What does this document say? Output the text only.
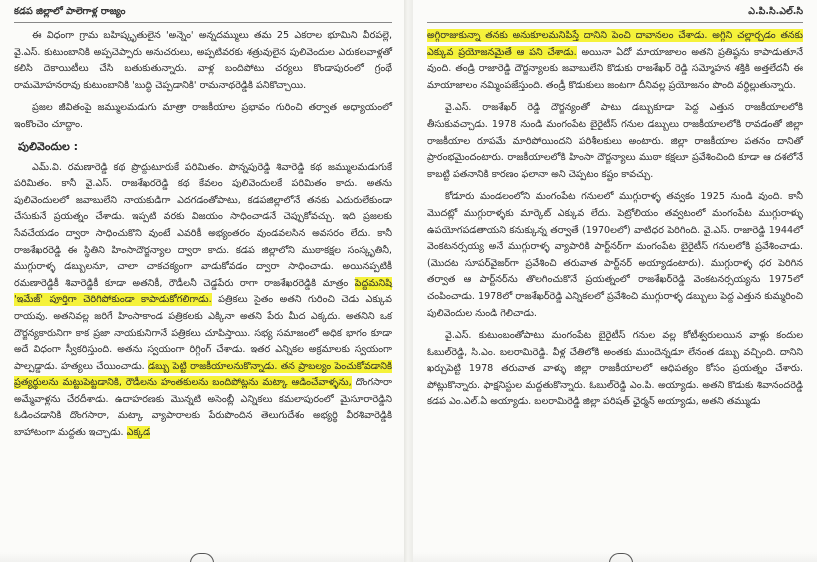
కడప జిల్లాలో పాలెగాళ్ల రాజ్యం

ఈ విధంగా గ్రామ బహిష్కృతులైన 'అన్నెం' అన్నదమ్ములు తమ 25 ఎకరాల భూమిని వీరపల్లె, వై.ఎస్. కుటుంబానికి అప్పచెప్పారు అనుచరులు, అప్పటివరకు శత్రువులైన పులివెందుల ఎరుకలవాళ్లతో కలిసి దెకాయిటీలు చేసి బతుకుతున్నారు. వాళ్ల బందిపోటు చర్యలు కొండాపురంలో గ్రంథే రామమోహనరావు కుటుంబానికి 'బుద్ధి చెప్పడానికి' రామనాథరెడ్డికి పనికొచ్చాయి.

ప్రజల జీవితంపై జమ్ములమడుగు మాత్రా రాజకీయాల ప్రభావం గురించి తర్వాత అధ్యాయంలో ఇంకొంచెం చూద్దాం.

పులివెందుల :

ఎమ్.వి. రమణారెడ్డి కథ ప్రొద్దుటూరుకే పరిమితం. పొన్నపురెడ్డి శివారెడ్డి కథ జమ్ములమడుగుకే పరిమితం. కానీ వై.ఎస్. రాజశేఖరరెడ్డి కథ కేవలం పులివెందులకే పరిమితం కాదు. అతను పులివెందులలో జవాబులేని నాయకుడిగా ఎదగడంతోపాటు, కడపజిల్లాలోనే తనకు ఎదురులేకుండా చేసుకునే ప్రయత్నం చేశాడు. ఇప్పటి వరకు విజయం సాధించాడనే చెప్పుకోవచ్చు. ఇది ప్రజలకు సేవచేయడం ద్వారా సాధించుకొని వుంటే ఎవరికీ అభ్యంతరం వుండవలసిన అవసరం లేదు. కానీ రాజశేఖరరెడ్డి ఈ స్థితిని హింసాదౌర్జన్యాల ద్వారా కాదు. కడప జిల్లాలోని ముఠాకక్షల సంస్కృతినీ, ముగ్గురాళ్ళ డబ్బులనూ, చాలా చాకచక్యంగా వాడుకోవడం ద్వారా సాధించాడు. అయినప్పటికీ రమణారెడ్డికీ శివారెడ్డికీ కూడా అతనికీ, రౌడీలనీ చెడ్డపేరు రాగా రాజశేఖరరెడ్డికి మాత్రం పెద్దమనిషి 'ఇమేజ్' పూర్తిగా చెరిగిపోకుండా కాపాడుకోగలిగాడు. పత్రికలు సైతం అతని గురించి చెడు ఎక్కువ రాయవు. అతనివల్ల జరిగే హింసాకాండ పత్రికలకు ఎక్కినా అతని పేరు మీద ఎక్కదు. అతనిని ఒక దౌర్జన్యకారునిగా కాక ప్రజా నాయకునిగానే పత్రికలు చూపిస్తాయి. సభ్య సమాజంలో అధిక భాగం కూడా అదే విధంగా స్వీకరిస్తుంది. అతను స్వయంగా రిగ్గింగ్ చేశాడు. ఇతర ఎన్నికల అక్రమాలకు స్వయంగా పాల్పడ్డాడు. హత్యలు చేయించాడు. డబ్బు పెట్టి రాజకీయాలనుకొన్నాడు. తన ప్రాబల్యం పెంచుకోవడానికి ప్రత్యర్థులను మట్టుపెట్టడానికి, రౌడీలను హంతకులను బందిపోట్లను మట్కా ఆడించేవాళ్ళను, దొంగసారా అమ్మేవాళ్లను చేరదీశాడు. ఉదాహరణకు మొన్నటి అసెంబ్లీ ఎన్నికలు కమలాపురంలో మైసూరారెడ్డిని ఓడించడానికి దొంగసారా, మట్కా వ్యాపారాలకు పేరుపొందిన తెలుగుదేశం అభ్యర్థి వీరశివారెడ్డికి బాహాటంగా మద్దతు ఇచ్చాడు. ఎక్కడ

ఎ.పి.సి.ఎల్.సి

అగ్గిరాజుకున్నా తనకు అనుకూలమనిపిస్తే దానిని పెంచి దావానలం చేశాడు. అగ్గిని చల్లార్చడం తనకు ఎక్కువ ప్రయోజనమైతే ఆ పని చేశాడు. అయినా ఏదో మాయాజాలం అతని ప్రతిష్ఠను కాపాడుతూనే వుంది. తండ్రి రాజారెడ్డి దౌర్జన్యాలకు జవాబులేని కొడుకు రాజశేఖర్ రెడ్డి సమ్మోహన శక్తికి అత్తలేదనీ ఈ మాయాజాలం నమ్మింపజేస్తుంది. తండ్రీ కొడుకులు జంటగా దీనివల్ల ప్రయోజనం పొంది వర్ధిల్లుతున్నారు.

వై.ఎస్. రాజశేఖర్ రెడ్డి దౌర్జన్యంతో పాటు డబ్బుకూడా పెద్ద ఎత్తున రాజకీయాలలోకి తీసుకువచ్చాడు. 1978 నుండి మంగంపేట బైరైటీస్ గనుల డబ్బులు రాజకీయాలలోకి రావడంతో జిల్లా రాజకీయాల రూపమే మారిపోయిందని పరిశీలకులు అంటారు. జిల్లా రాజకీయాల పతనం దానితో ప్రారంభమైందంటారు. రాజకీయాలలోకి హింసా దౌర్జన్యాలు ముఠా కక్షలూ ప్రవేశించింది కూడా ఆ దశలోనే కాబట్టి పతనానికి కారణం ఫలానా అని చెప్పటం కష్టం కావచ్చు.

కోడూరు మండలంలోని మంగంపేట గనులలో ముగ్గురాళ్ళ తవ్వకం 1925 నుండి వుంది. కానీ మొదట్లో ముగ్గురాళ్ళకు మార్కెట్ ఎక్కువ లేదు. పెట్రోలియం తవ్వటంలో మంగంపేట ముగ్గురాళ్ళు ఉపయోగపడతాయని కనుక్కున్న తర్వాతే (1970లలో) వాటిధర పెరిగింది. వై.ఎస్. రాజారెడ్డి 1944లో వెంకటనర్సయ్య అనే ముగ్గురాళ్ళ వ్యాపారికి పార్ట్‌నర్‌గా మంగంపేట బైరైటీస్ గనులలోకి ప్రవేశించాడు. (మొదట సూపర్‌వైజర్‌గా ప్రవేశించి తరువాత పార్ట్‌నర్ అయ్యాడంటారు). ముగ్గురాళ్ళ ధర పెరిగిన తర్వాత ఆ పార్ట్‌నర్‌ను తొలగించుకొనే ప్రయత్నంలో రాజశేఖర్‌రెడ్డి వెంకటనర్సయ్యను 1975లో చంపించాడు. 1978లో రాజశేఖర్‌రెడ్డి ఎన్నికలలో ప్రవేశించి ముగ్గురాళ్ళ డబ్బులు పెద్ద ఎత్తున కుమ్మరించి పులివెందుల నుండి గెలిచాడు.

వై.ఎస్. కుటుంబంతోపాటు మంగంపేట బైరైటీస్ గనుల వల్ల కోటీశ్వరులయిన వాళ్లు కందుల ఓబుల్‌రెడ్డి, సి.ఎం. బలరామిరెడ్డి. వీళ్ల చేతిలోకి అంతకు ముందెన్నడూ లేనంత డబ్బు వచ్చింది. దానిని ఖర్చుపెట్టి 1978 తరువాత వాళ్ళు జిల్లా రాజకీయాలలో ఆధిపత్యం కోసం ప్రయత్నం చేశారు. పోట్లుకొన్నారు. ఫాక్షనిస్టుల మద్దతుకొన్నారు. ఓబుల్‌రెడ్డి ఎం.పి. అయ్యాడు. అతని కొడుకు శివానందరెడ్డి కడప ఎం.ఎల్.ఏ అయ్యాడు. బలరామిరెడ్డి జిల్లా పరిషత్ ఛైర్మన్ అయ్యాడు, అతని తమ్ముడు
